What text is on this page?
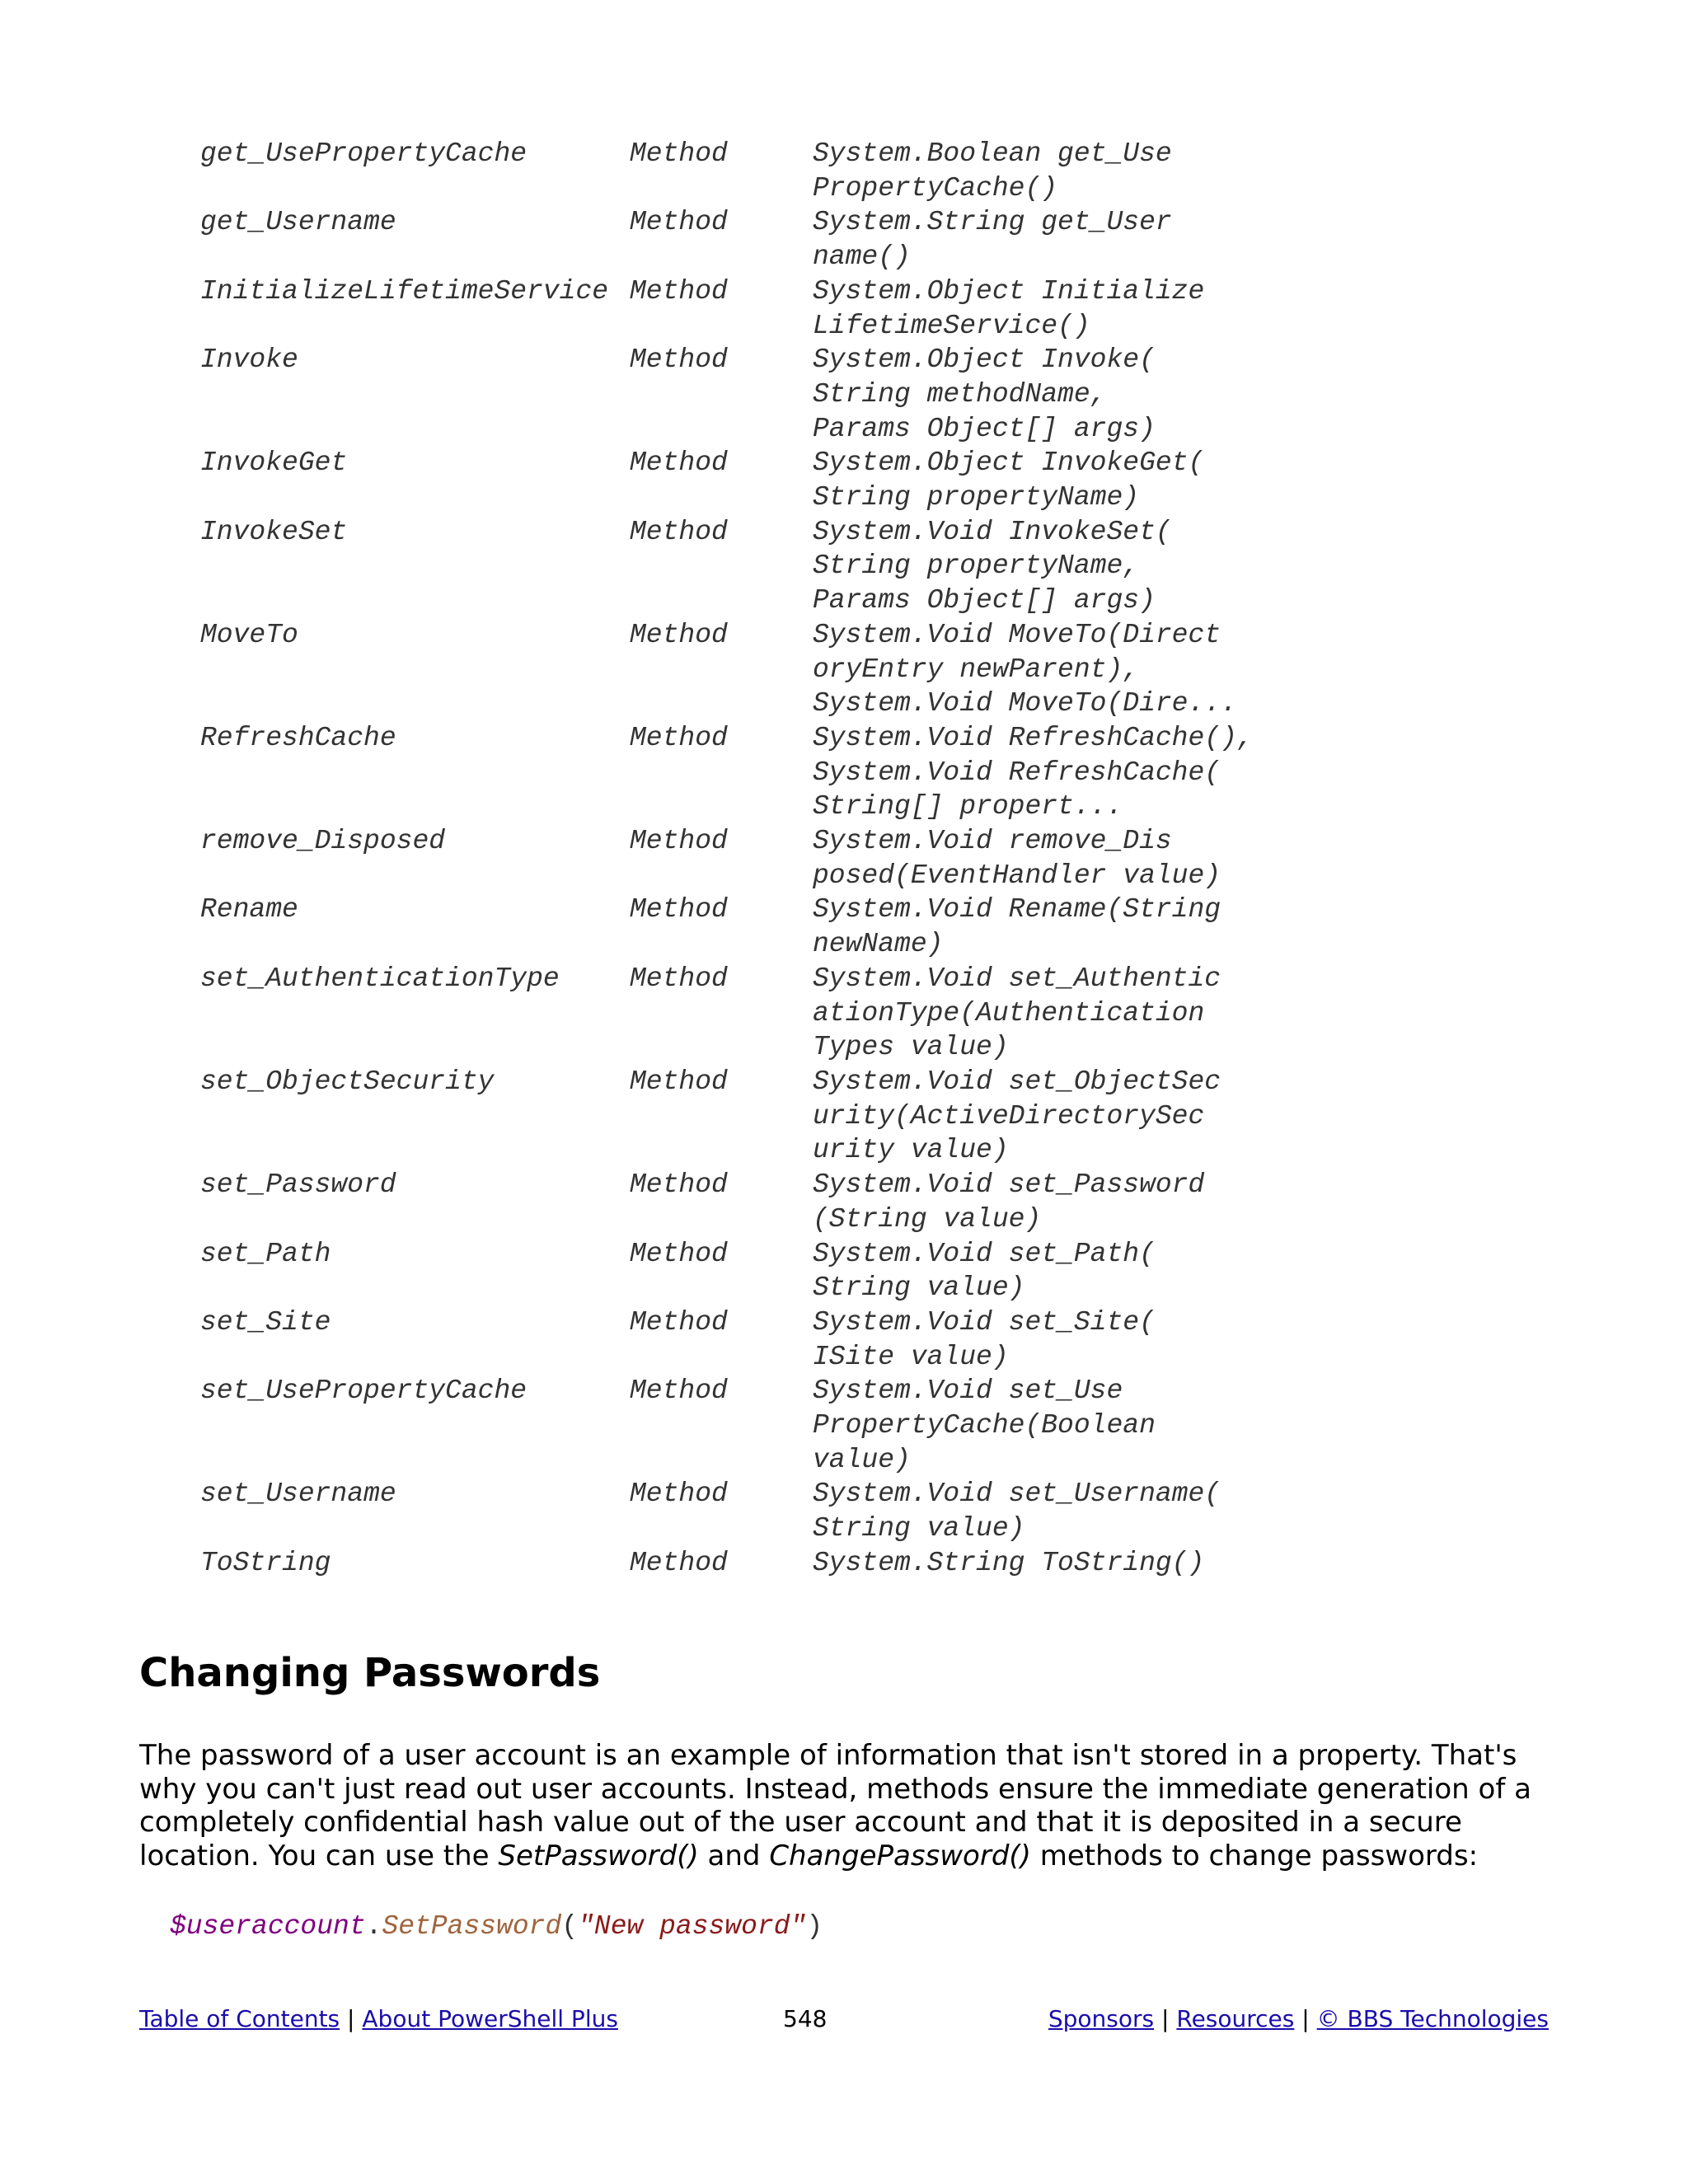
get_UsePropertyCache	Method	System.Boolean get_Use
PropertyCache()
get_Username	Method	System.String get_User
name()
InitializeLifetimeService Method	System.Object Initialize
LifetimeService()
Invoke	Method	System.Object Invoke(
String methodName,
Params Object[] args)
InvokeGet	Method	System.Object InvokeGet(
String propertyName)
InvokeSet	Method	System.Void InvokeSet(
String propertyName,
Params Object[] args)
MoveTo	Method	System.Void MoveTo(Direct
oryEntry newParent),
System.Void MoveTo(Dire...
RefreshCache	Method	System.Void RefreshCache(),
System.Void RefreshCache(
String[] propert...
remove_Disposed	Method	System.Void remove_Dis
posed(EventHandler value)
Rename	Method	System.Void Rename(String
newName)
set_AuthenticationType	Method	System.Void set_Authentic
ationType(Authentication
Types value)
set_ObjectSecurity	Method	System.Void set_ObjectSec
urity(ActiveDirectorySec
urity value)
set_Password	Method	System.Void set_Password
(String value)
set_Path	Method	System.Void set_Path(
String value)
set_Site	Method	System.Void set_Site(
ISite value)
set_UsePropertyCache	Method	System.Void set_Use
PropertyCache(Boolean
value)
set_Username	Method	System.Void set_Username(
String value)
ToString	Method	System.String ToString()
Changing Passwords

The password of a user account is an example of information that isn't stored in a property. That's why you can't just read out user accounts. Instead, methods ensure the immediate generation of a completely confidential hash value out of the user account and that it is deposited in a secure location. You can use the SetPassword() and ChangePassword() methods to change passwords:

$useraccount.SetPassword("New password")
Table of Contents | About PowerShell Plus	548	Sponsors | Resources | © BBS Technologies
